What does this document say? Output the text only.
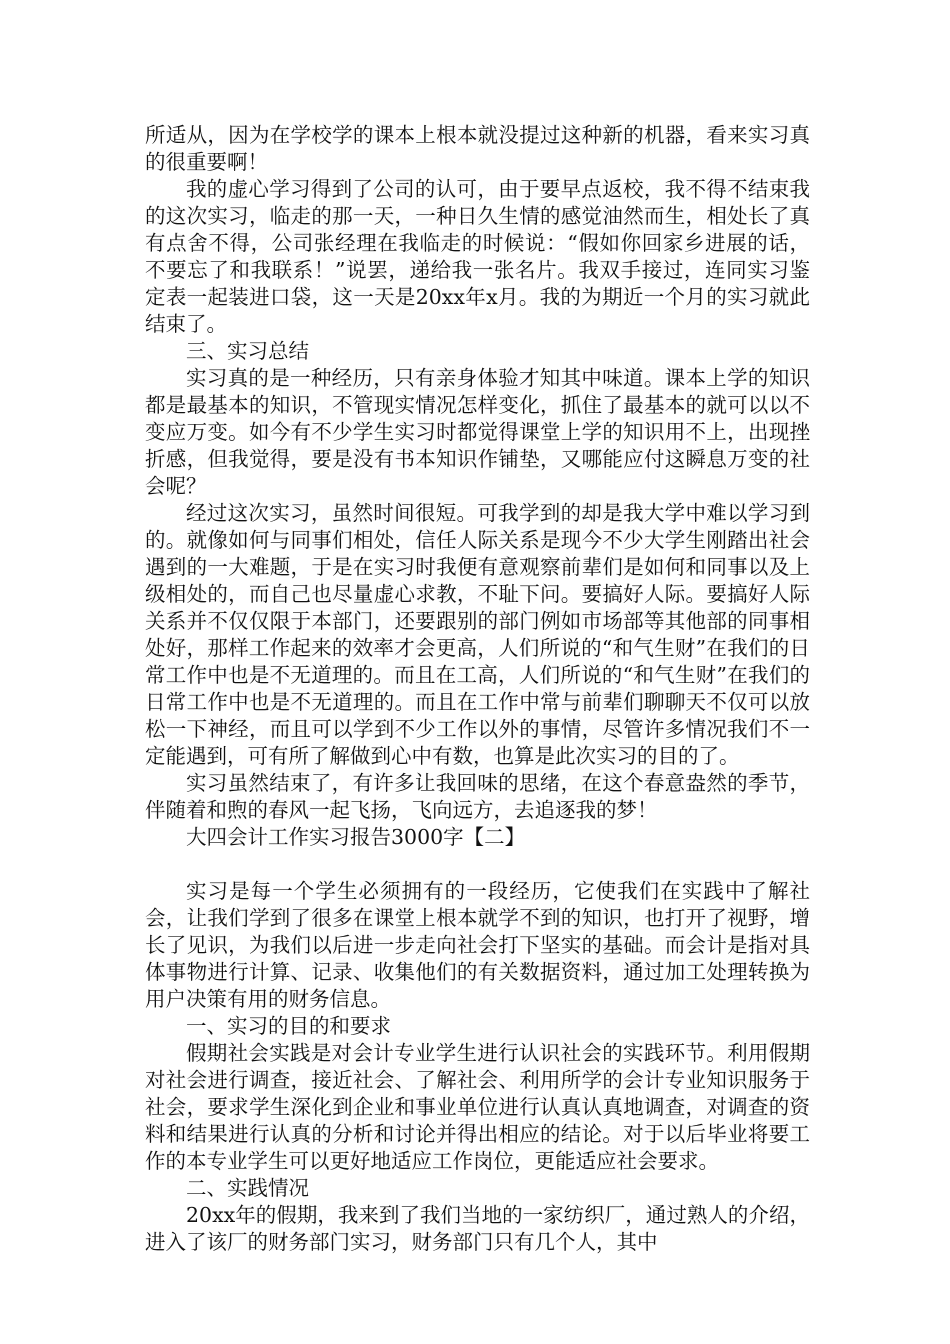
所适从，因为在学校学的课本上根本就没提过这种新的机器，看来实习真的很重要啊！

我的虚心学习得到了公司的认可，由于要早点返校，我不得不结束我的这次实习，临走的那一天，一种日久生情的感觉油然而生，相处长了真有点舍不得，公司张经理在我临走的时候说：“假如你回家乡进展的话，不要忘了和我联系！”说罢，递给我一张名片。我双手接过，连同实习鉴定表一起装进口袋，这一天是20xx年x月。我的为期近一个月的实习就此结束了。

三、实习总结

实习真的是一种经历，只有亲身体验才知其中味道。课本上学的知识都是最基本的知识，不管现实情况怎样变化，抓住了最基本的就可以以不变应万变。如今有不少学生实习时都觉得课堂上学的知识用不上，出现挫折感，但我觉得，要是没有书本知识作铺垫，又哪能应付这瞬息万变的社会呢？

经过这次实习，虽然时间很短。可我学到的却是我大学中难以学习到的。就像如何与同事们相处，信任人际关系是现今不少大学生刚踏出社会遇到的一大难题，于是在实习时我便有意观察前辈们是如何和同事以及上级相处的，而自己也尽量虚心求教，不耻下问。要搞好人际。要搞好人际关系并不仅仅限于本部门，还要跟别的部门例如市场部等其他部的同事相处好，那样工作起来的效率才会更高，人们所说的“和气生财”在我们的日常工作中也是不无道理的。而且在工高，人们所说的“和气生财”在我们的日常工作中也是不无道理的。而且在工作中常与前辈们聊聊天不仅可以放松一下神经，而且可以学到不少工作以外的事情，尽管许多情况我们不一定能遇到，可有所了解做到心中有数，也算是此次实习的目的了。

实习虽然结束了，有许多让我回味的思绪，在这个春意盎然的季节，伴随着和煦的春风一起飞扬，飞向远方，去追逐我的梦！

大四会计工作实习报告3000字【二】

实习是每一个学生必须拥有的一段经历，它使我们在实践中了解社会，让我们学到了很多在课堂上根本就学不到的知识，也打开了视野，增长了见识，为我们以后进一步走向社会打下坚实的基础。而会计是指对具体事物进行计算、记录、收集他们的有关数据资料，通过加工处理转换为用户决策有用的财务信息。

一、实习的目的和要求

假期社会实践是对会计专业学生进行认识社会的实践环节。利用假期对社会进行调查，接近社会、了解社会、利用所学的会计专业知识服务于社会，要求学生深化到企业和事业单位进行认真认真地调查，对调查的资料和结果进行认真的分析和讨论并得出相应的结论。对于以后毕业将要工作的本专业学生可以更好地适应工作岗位，更能适应社会要求。

二、实践情况

20xx年的假期，我来到了我们当地的一家纺织厂，通过熟人的介绍，进入了该厂的财务部门实习，财务部门只有几个人，其中
